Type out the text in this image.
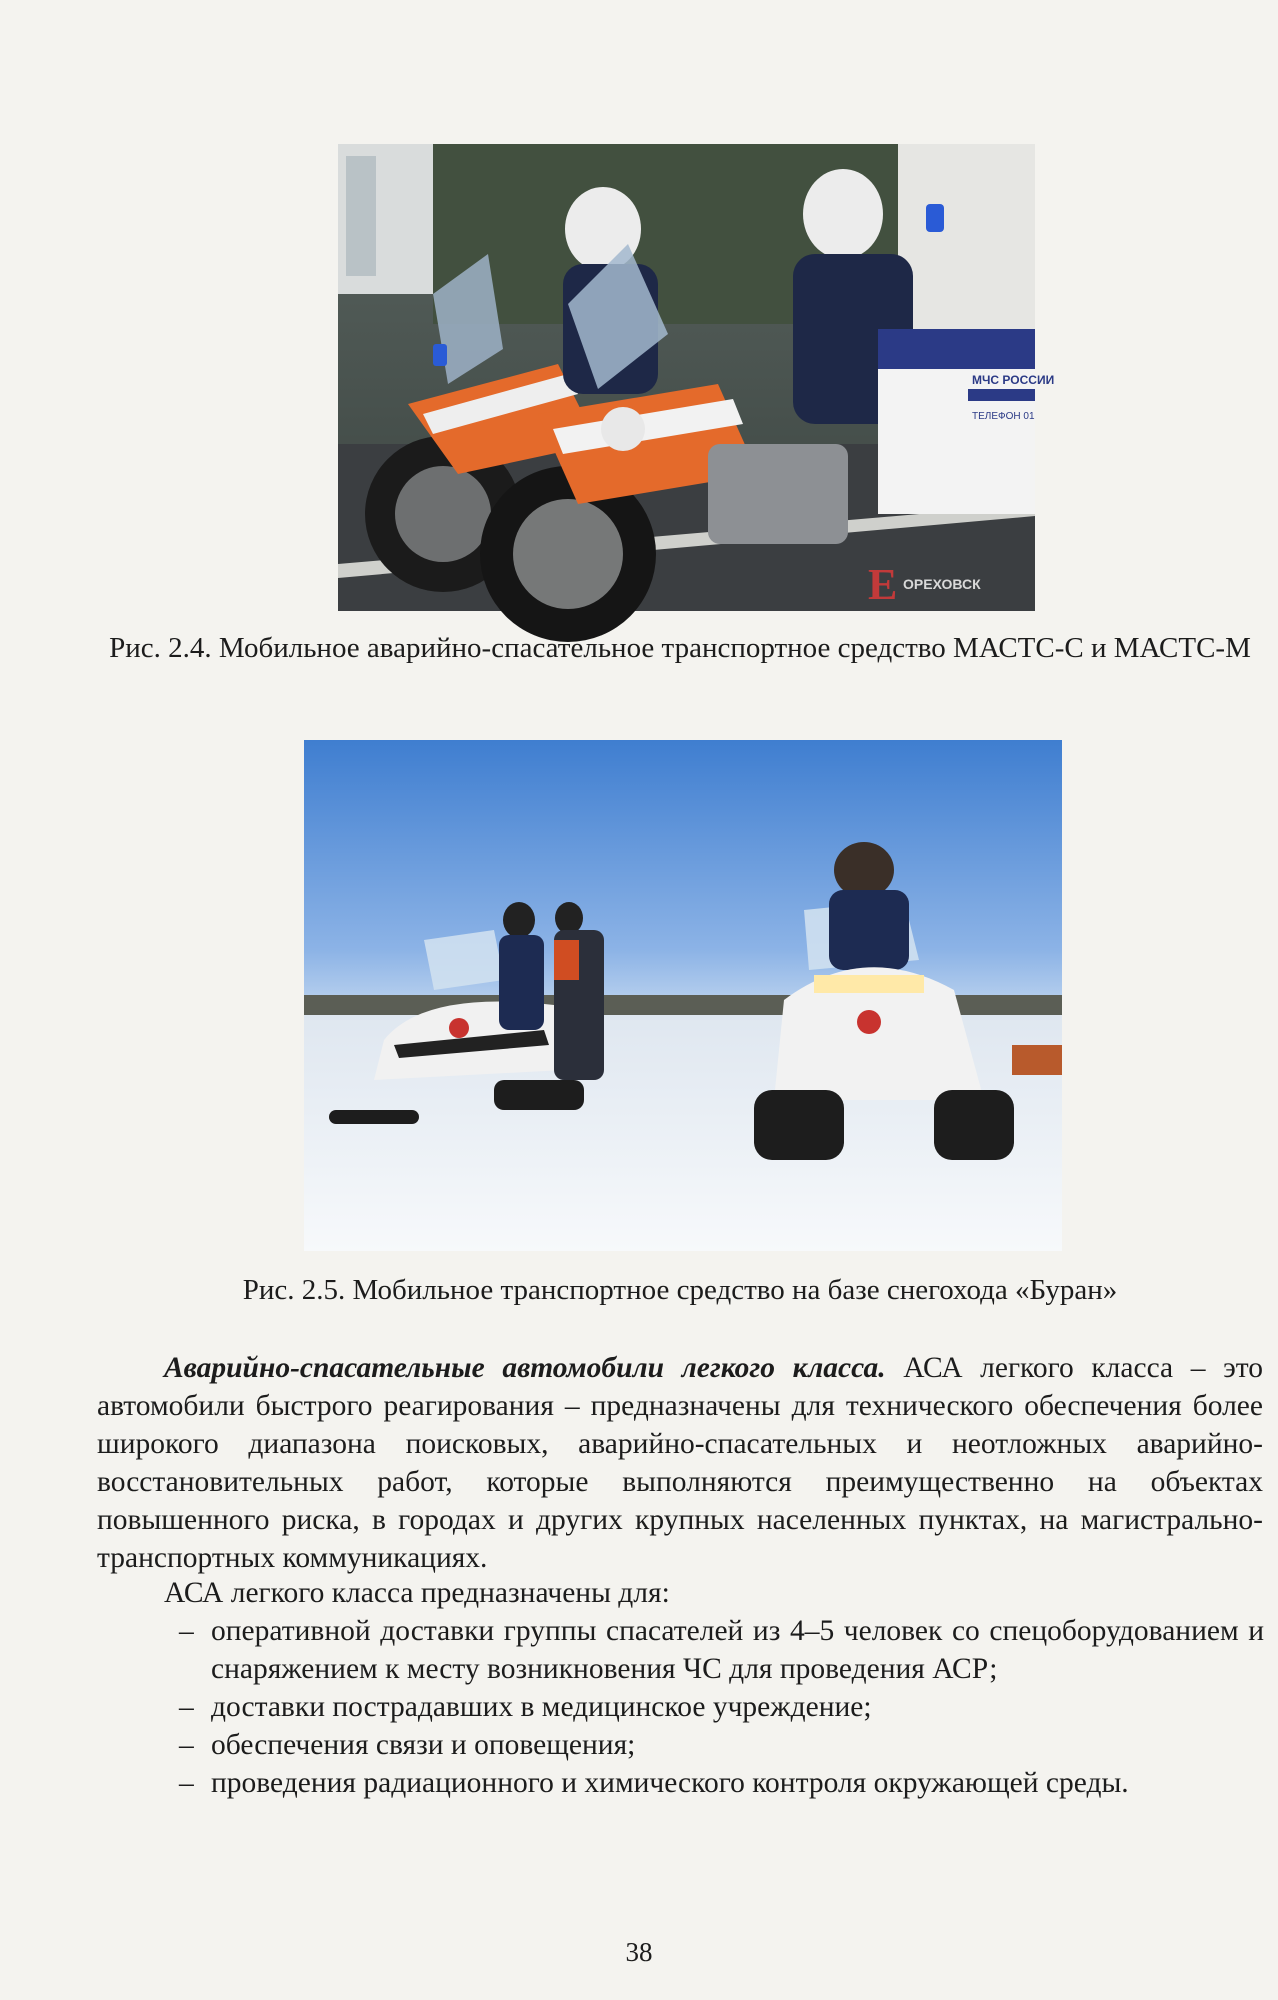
МЧС РОССИИ
ТЕЛЕФОН 01
Е ОРЕХОВСК

Рис. 2.4. Мобильное аварийно-спасательное транспортное средство МАСТС-С и МАСТС-М

Рис. 2.5. Мобильное транспортное средство на базе снегохода «Буран»

Аварийно-спасательные автомобили легкого класса. АСА легкого класса – это автомобили быстрого реагирования – предназначены для технического обеспечения более широкого диапазона поисковых, аварийно-спасательных и неотложных аварийно-восстановительных работ, которые выполняются преимущественно на объектах повышенного риска, в городах и других крупных населенных пунктах, на магистрально-транспортных коммуникациях.

АСА легкого класса предназначены для:

– оперативной доставки группы спасателей из 4–5 человек со спецоборудованием и снаряжением к месту возникновения ЧС для проведения АСР;
– доставки пострадавших в медицинское учреждение;
– обеспечения связи и оповещения;
– проведения радиационного и химического контроля окружающей среды.
38
